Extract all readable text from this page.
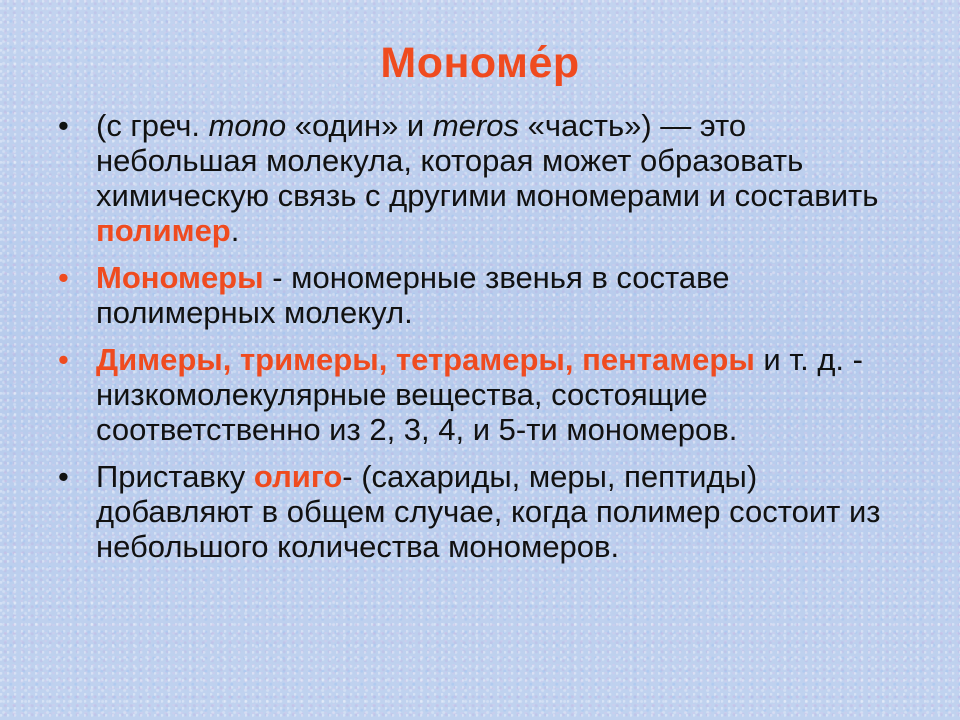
Мономе́р
• (с греч. mono «один» и meros «часть») — это небольшая молекула, которая может образовать химическую связь с другими мономерами и составить полимер.
• Мономеры - мономерные звенья в составе полимерных молекул.
• Димеры, тримеры, тетрамеры, пентамеры и т. д. - низкомолекулярные вещества, состоящие соответственно из 2, 3, 4, и 5-ти мономеров.
• Приставку олиго- (сахариды, меры, пептиды) добавляют в общем случае, когда полимер состоит из небольшого количества мономеров.
